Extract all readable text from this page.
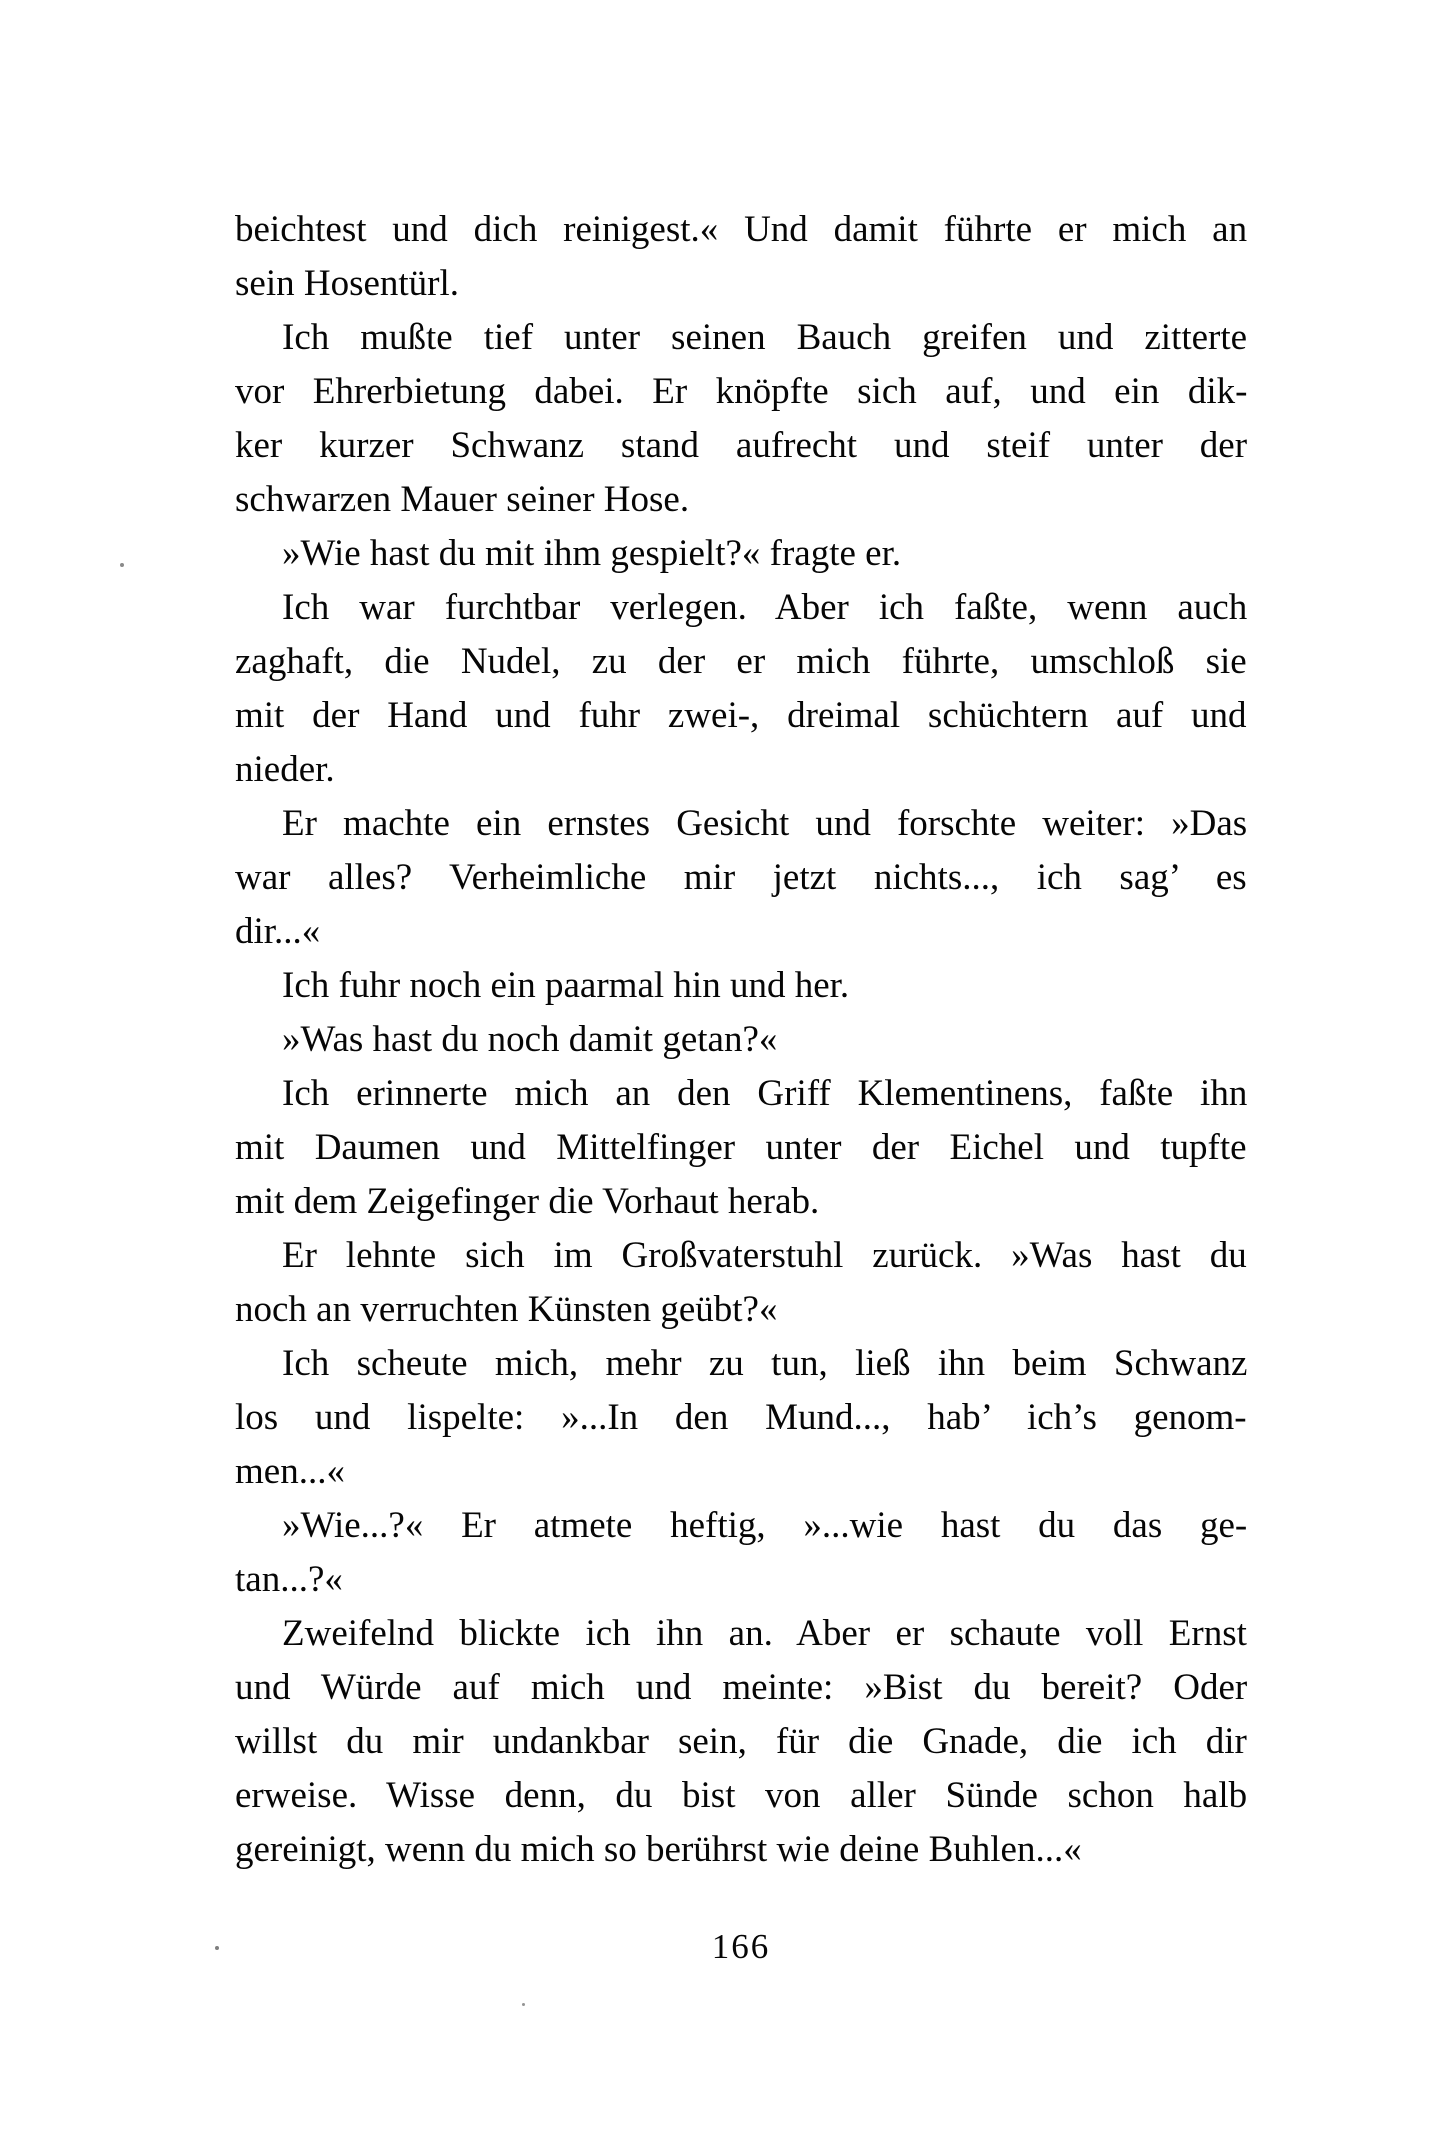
beichtest und dich reinigest.« Und damit führte er mich an
sein Hosentürl.
Ich mußte tief unter seinen Bauch greifen und zitterte
vor Ehrerbietung dabei. Er knöpfte sich auf, und ein dik-
ker kurzer Schwanz stand aufrecht und steif unter der
schwarzen Mauer seiner Hose.
»Wie hast du mit ihm gespielt?« fragte er.
Ich war furchtbar verlegen. Aber ich faßte, wenn auch
zaghaft, die Nudel, zu der er mich führte, umschloß sie
mit der Hand und fuhr zwei-, dreimal schüchtern auf und
nieder.
Er machte ein ernstes Gesicht und forschte weiter: »Das
war alles? Verheimliche mir jetzt nichts..., ich sag’ es
dir...«
Ich fuhr noch ein paarmal hin und her.
»Was hast du noch damit getan?«
Ich erinnerte mich an den Griff Klementinens, faßte ihn
mit Daumen und Mittelfinger unter der Eichel und tupfte
mit dem Zeigefinger die Vorhaut herab.
Er lehnte sich im Großvaterstuhl zurück. »Was hast du
noch an verruchten Künsten geübt?«
Ich scheute mich, mehr zu tun, ließ ihn beim Schwanz
los und lispelte: »...In den Mund..., hab’ ich’s genom-
men...«
»Wie...?« Er atmete heftig, »...wie hast du das ge-
tan...?«
Zweifelnd blickte ich ihn an. Aber er schaute voll Ernst
und Würde auf mich und meinte: »Bist du bereit? Oder
willst du mir undankbar sein, für die Gnade, die ich dir
erweise. Wisse denn, du bist von aller Sünde schon halb
gereinigt, wenn du mich so berührst wie deine Buhlen...«
166
